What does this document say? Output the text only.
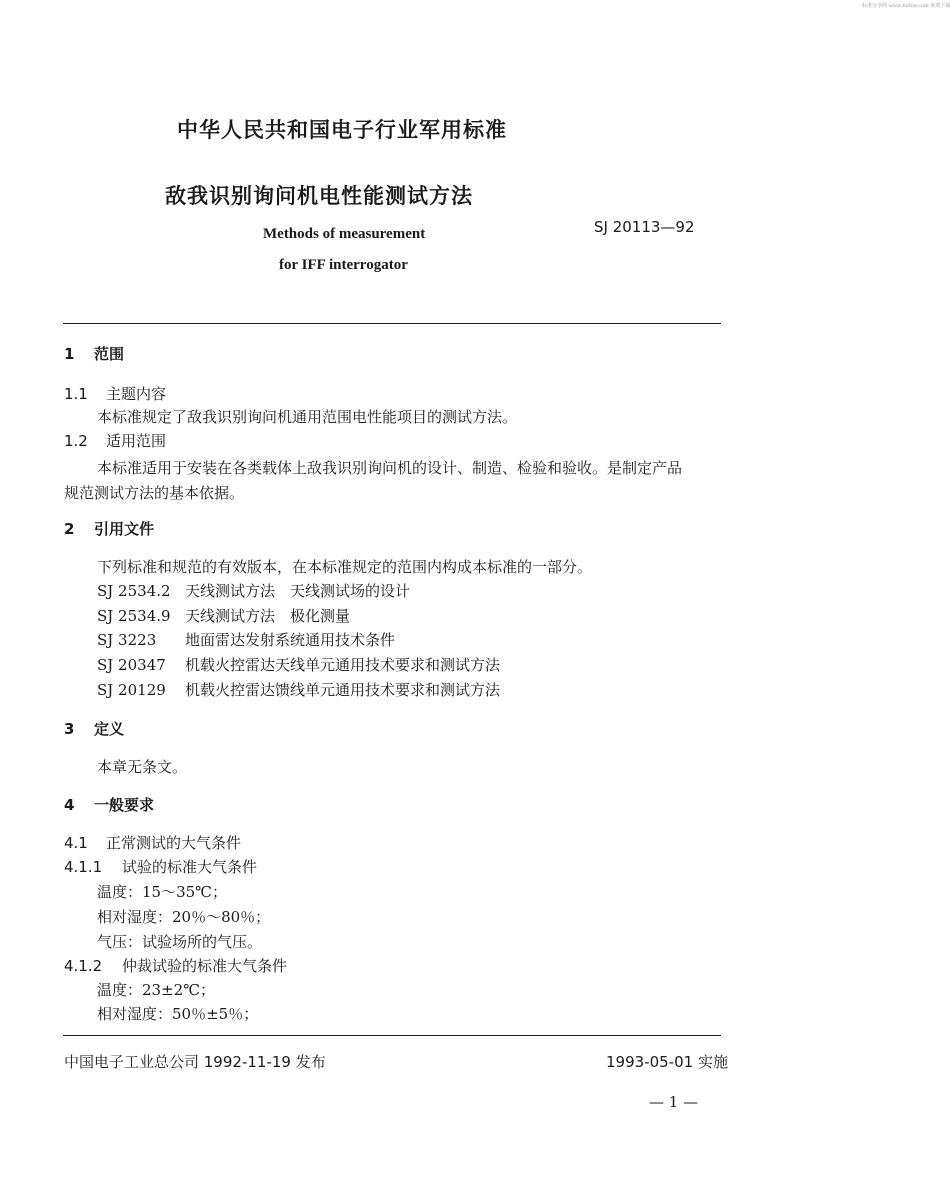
标准分享网 www.bzfxw.com 免费下载
中华人民共和国电子行业军用标准
敌我识别询问机电性能测试方法
Methods of measurement
for IFF interrogator
SJ 20113—92
1 范围
1.1 主题内容
本标准规定了敌我识别询问机通用范围电性能项目的测试方法。
1.2 适用范围
本标准适用于安装在各类载体上敌我识别询问机的设计、制造、检验和验收。是制定产品
规范测试方法的基本依据。
2 引用文件
下列标准和规范的有效版本，在本标准规定的范围内构成本标准的一部分。
SJ 2534.2 天线测试方法　天线测试场的设计
SJ 2534.9 天线测试方法　极化测量
SJ 3223 地面雷达发射系统通用技术条件
SJ 20347 机载火控雷达天线单元通用技术要求和测试方法
SJ 20129 机载火控雷达馈线单元通用技术要求和测试方法
3 定义
本章无条文。
4 一般要求
4.1 正常测试的大气条件
4.1.1 试验的标准大气条件
温度：15～35℃；
相对湿度：20％～80％；
气压：试验场所的气压。
4.1.2 仲裁试验的标准大气条件
温度：23±2℃；
相对湿度：50％±5％；
中国电子工业总公司 1992-11-19 发布	1993-05-01 实施
— 1 —
